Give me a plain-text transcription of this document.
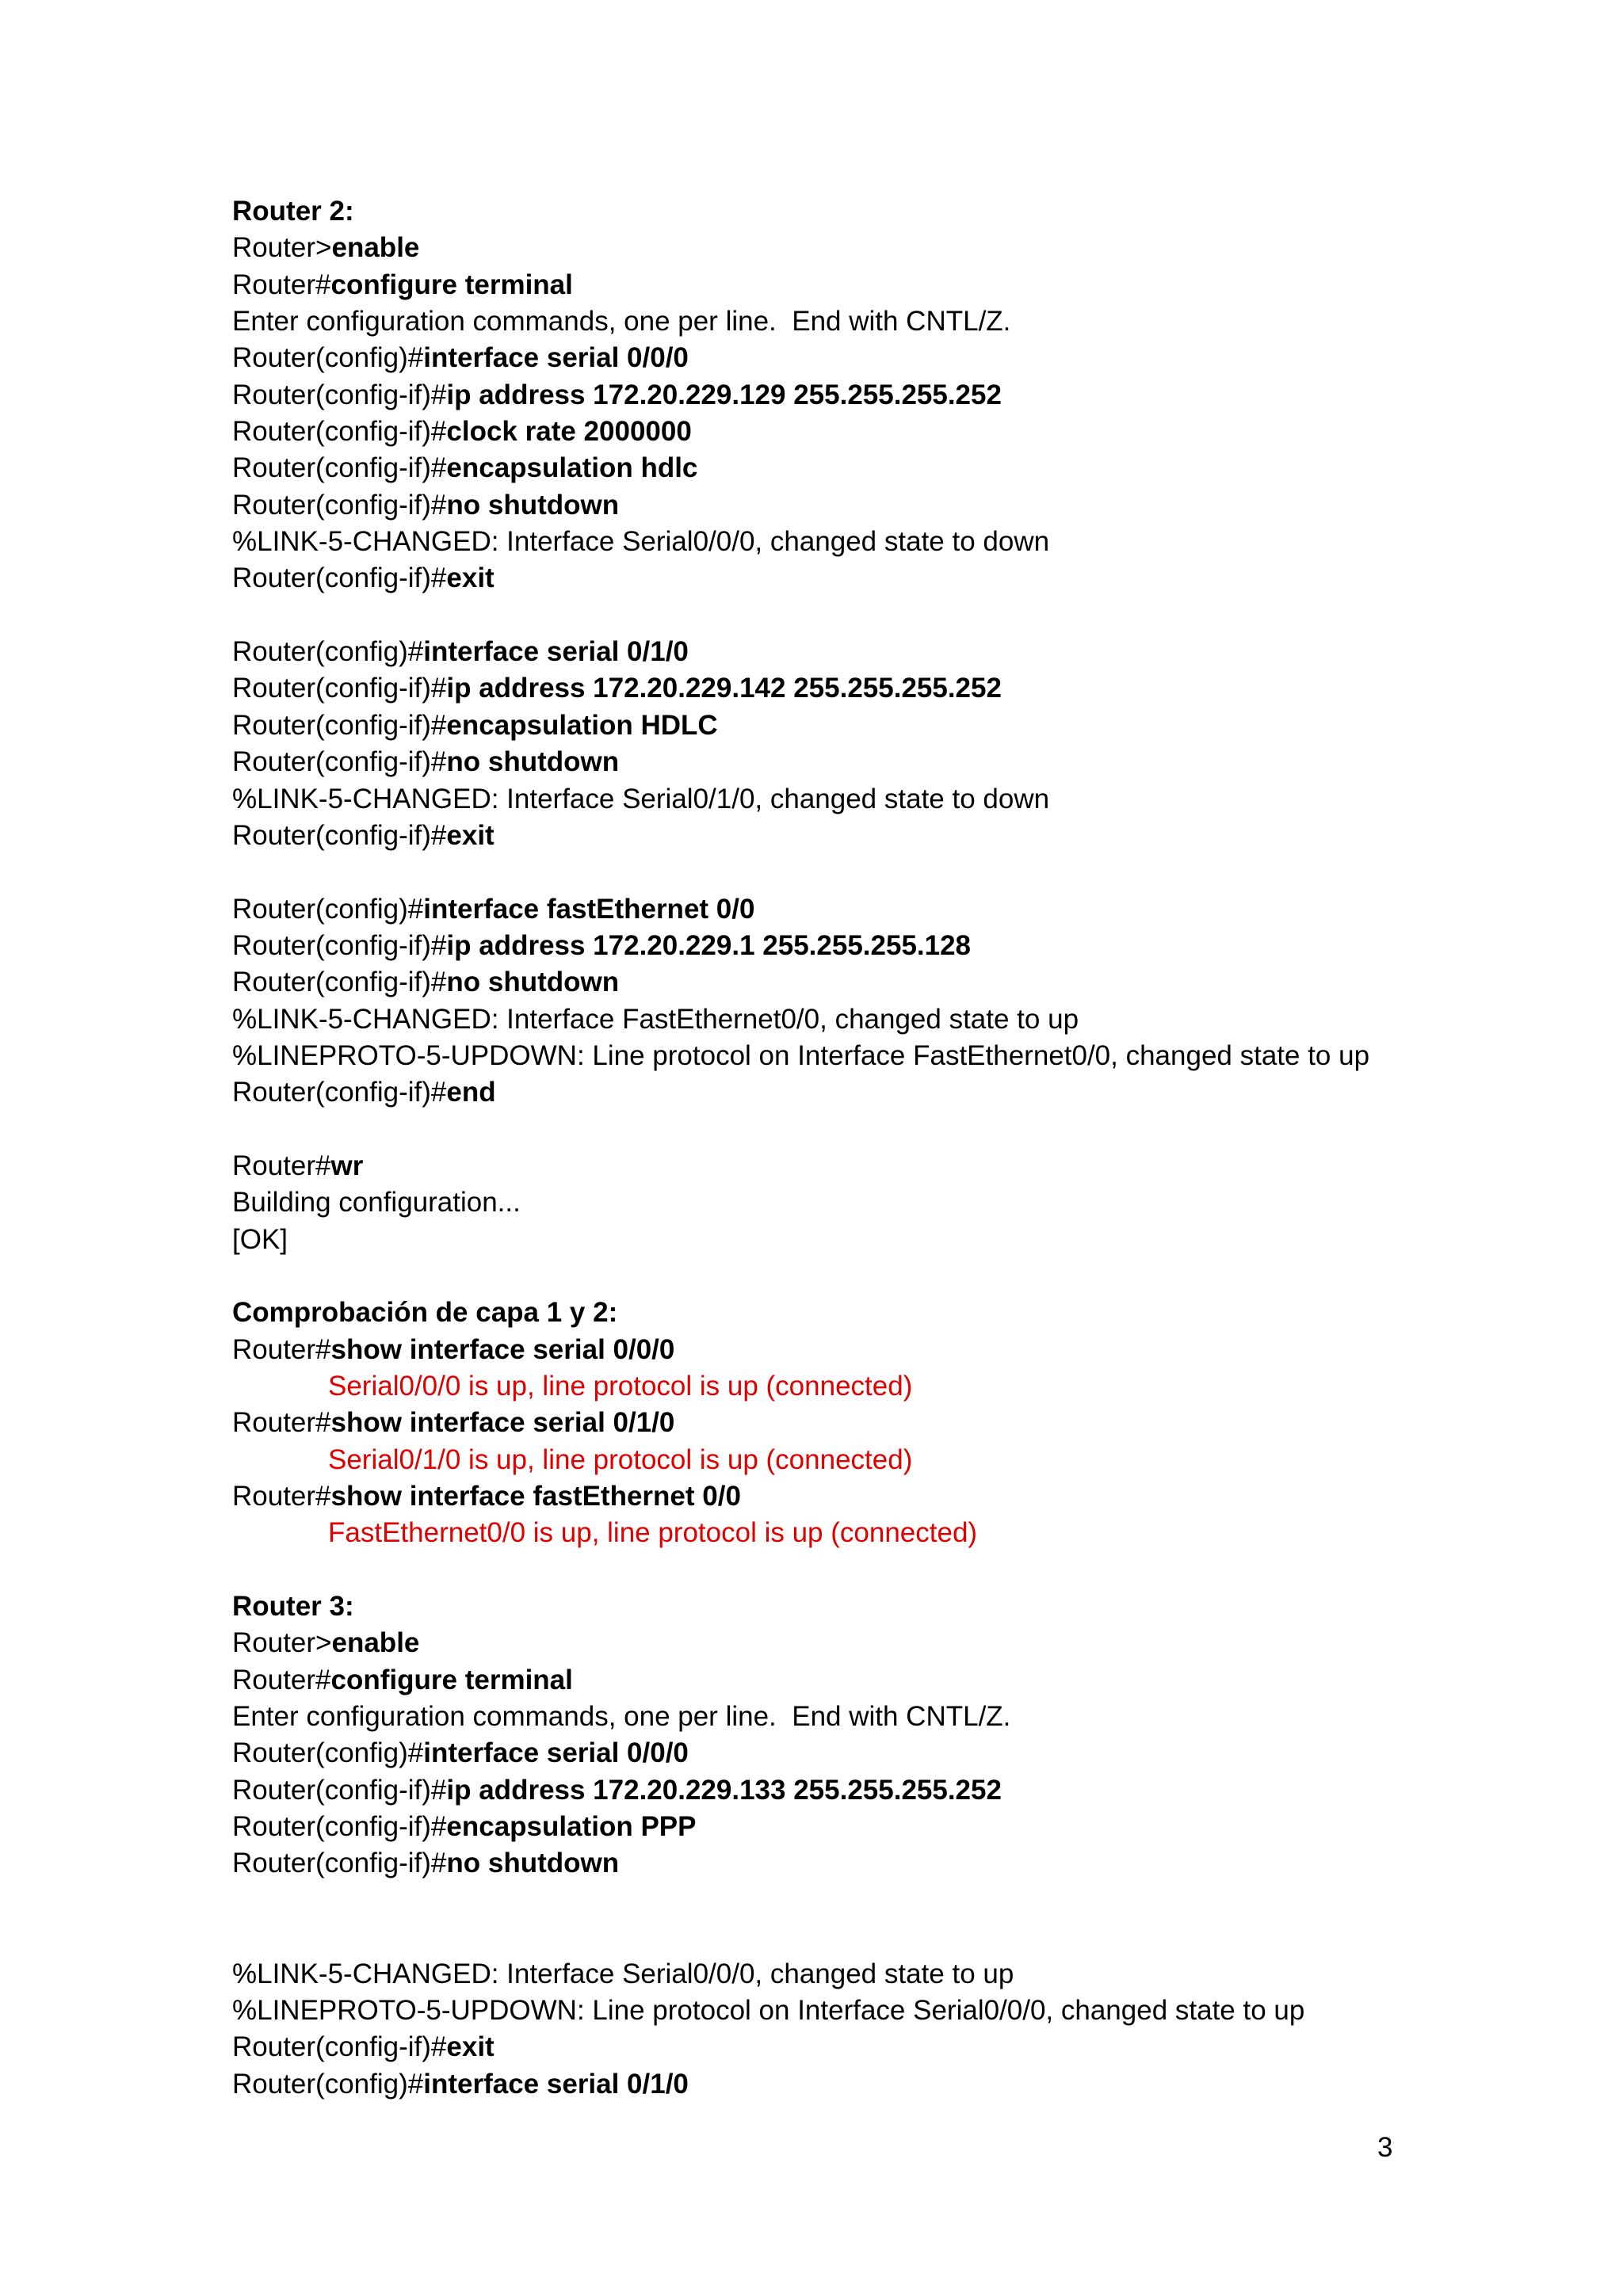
Router 2:
Router>enable
Router#configure terminal
Enter configuration commands, one per line.  End with CNTL/Z.
Router(config)#interface serial 0/0/0
Router(config-if)#ip address 172.20.229.129 255.255.255.252
Router(config-if)#clock rate 2000000
Router(config-if)#encapsulation hdlc
Router(config-if)#no shutdown
%LINK-5-CHANGED: Interface Serial0/0/0, changed state to down
Router(config-if)#exit
Router(config)#interface serial 0/1/0
Router(config-if)#ip address 172.20.229.142 255.255.255.252
Router(config-if)#encapsulation HDLC
Router(config-if)#no shutdown
%LINK-5-CHANGED: Interface Serial0/1/0, changed state to down
Router(config-if)#exit
Router(config)#interface fastEthernet 0/0
Router(config-if)#ip address 172.20.229.1 255.255.255.128
Router(config-if)#no shutdown
%LINK-5-CHANGED: Interface FastEthernet0/0, changed state to up
%LINEPROTO-5-UPDOWN: Line protocol on Interface FastEthernet0/0, changed state to up
Router(config-if)#end
Router#wr
Building configuration...
[OK]
Comprobación de capa 1 y 2:
Router#show interface serial 0/0/0
Serial0/0/0 is up, line protocol is up (connected)
Router#show interface serial 0/1/0
Serial0/1/0 is up, line protocol is up (connected)
Router#show interface fastEthernet 0/0
FastEthernet0/0 is up, line protocol is up (connected)
Router 3:
Router>enable
Router#configure terminal
Enter configuration commands, one per line.  End with CNTL/Z.
Router(config)#interface serial 0/0/0
Router(config-if)#ip address 172.20.229.133 255.255.255.252
Router(config-if)#encapsulation PPP
Router(config-if)#no shutdown
%LINK-5-CHANGED: Interface Serial0/0/0, changed state to up
%LINEPROTO-5-UPDOWN: Line protocol on Interface Serial0/0/0, changed state to up
Router(config-if)#exit
Router(config)#interface serial 0/1/0
3
